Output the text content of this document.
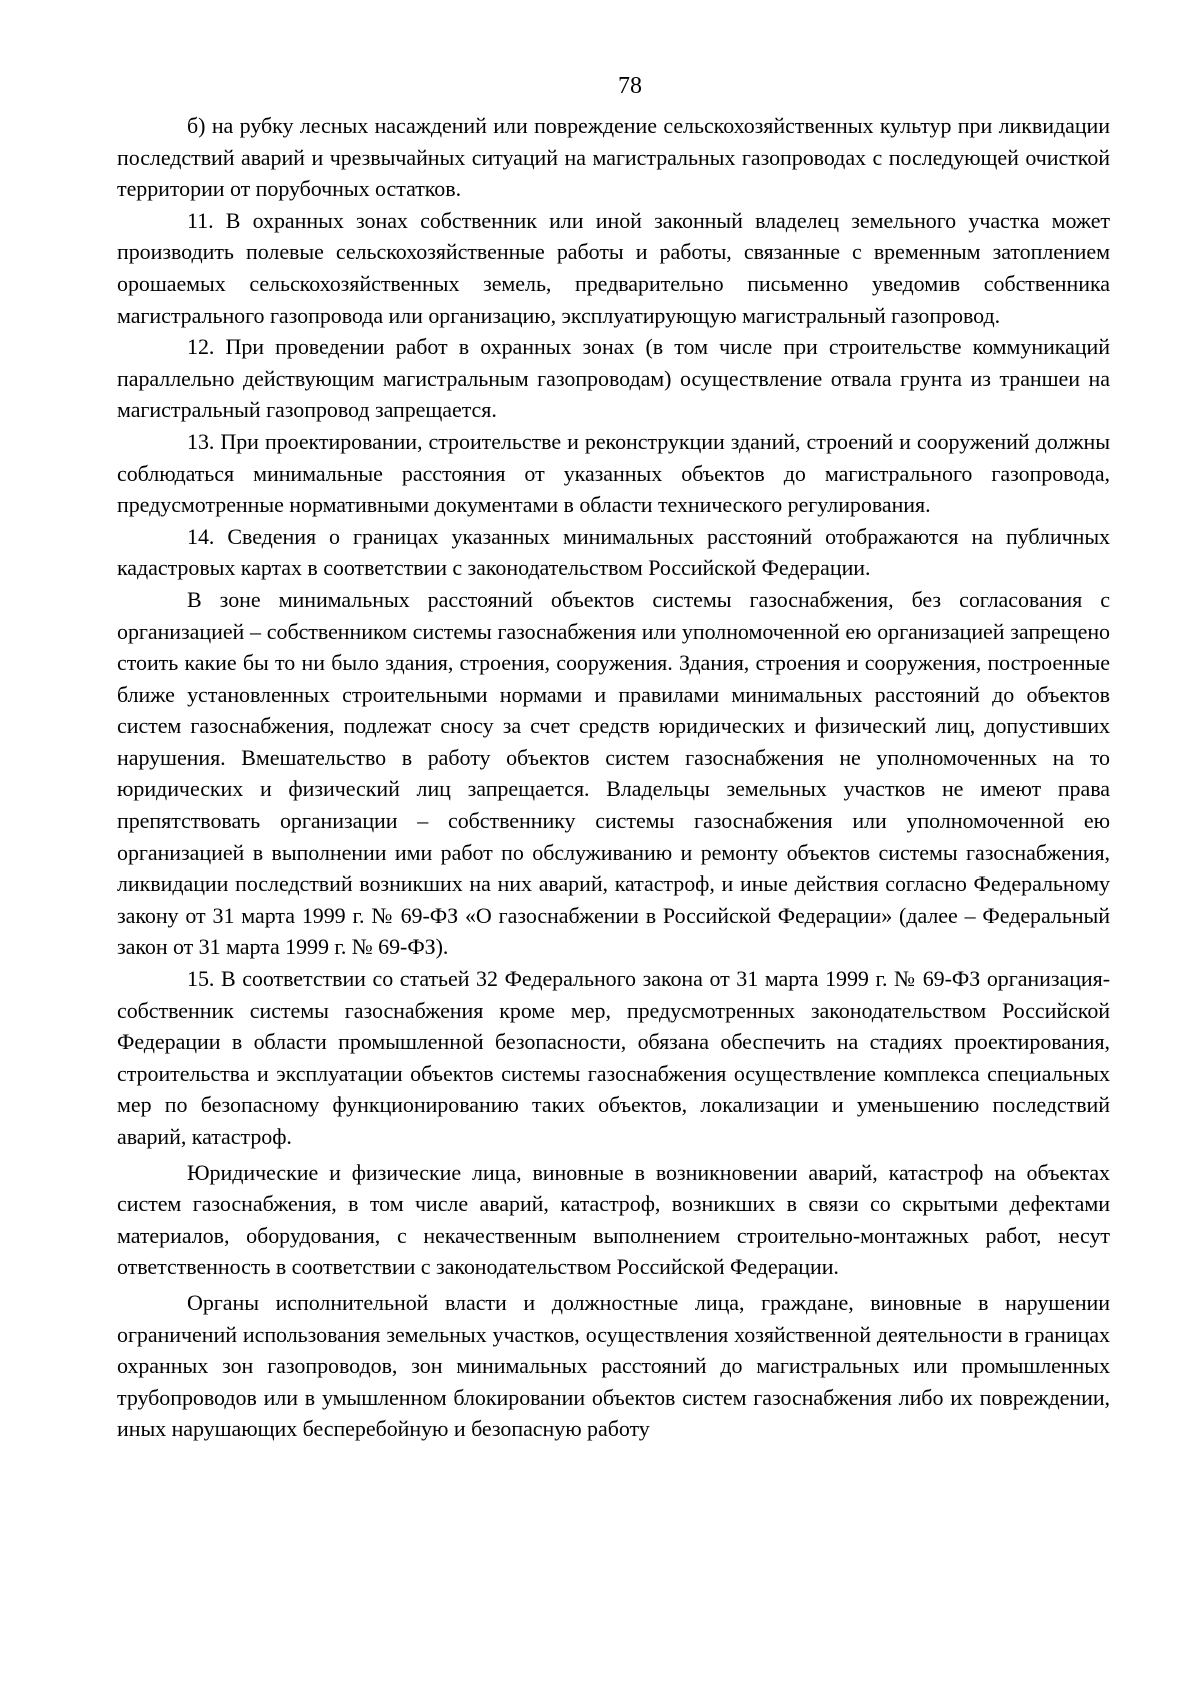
78

б) на рубку лесных насаждений или повреждение сельскохозяйственных культур при ликвидации последствий аварий и чрезвычайных ситуаций на магистральных газопроводах с последующей очисткой территории от порубочных остатков.

11. В охранных зонах собственник или иной законный владелец земельного участка может производить полевые сельскохозяйственные работы и работы, связанные с временным затоплением орошаемых сельскохозяйственных земель, предварительно письменно уведомив собственника магистрального газопровода или организацию, эксплуатирующую магистральный газопровод.

12. При проведении работ в охранных зонах (в том числе при строительстве коммуникаций параллельно действующим магистральным газопроводам) осуществление отвала грунта из траншеи на магистральный газопровод запрещается.

13. При проектировании, строительстве и реконструкции зданий, строений и сооружений должны соблюдаться минимальные расстояния от указанных объектов до магистрального газопровода, предусмотренные нормативными документами в области технического регулирования.

14. Сведения о границах указанных минимальных расстояний отображаются на публичных кадастровых картах в соответствии с законодательством Российской Федерации.

В зоне минимальных расстояний объектов системы газоснабжения, без согласования с организацией – собственником системы газоснабжения или уполномоченной ею организацией запрещено стоить какие бы то ни было здания, строения, сооружения. Здания, строения и сооружения, построенные ближе установленных строительными нормами и правилами минимальных расстояний до объектов систем газоснабжения, подлежат сносу за счет средств юридических и физический лиц, допустивших нарушения. Вмешательство в работу объектов систем газоснабжения не уполномоченных на то юридических и физический лиц запрещается. Владельцы земельных участков не имеют права препятствовать организации – собственнику системы газоснабжения или уполномоченной ею организацией в выполнении ими работ по обслуживанию и ремонту объектов системы газоснабжения, ликвидации последствий возникших на них аварий, катастроф, и иные действия согласно Федеральному закону от 31 марта 1999 г. № 69-ФЗ «О газоснабжении в Российской Федерации» (далее – Федеральный закон от 31 марта 1999 г. № 69-ФЗ).

15. В соответствии со статьей 32 Федерального закона от 31 марта 1999 г. № 69-ФЗ организация-собственник системы газоснабжения кроме мер, предусмотренных законодательством Российской Федерации в области промышленной безопасности, обязана обеспечить на стадиях проектирования, строительства и эксплуатации объектов системы газоснабжения осуществление комплекса специальных мер по безопасному функционированию таких объектов, локализации и уменьшению последствий аварий, катастроф.

Юридические и физические лица, виновные в возникновении аварий, катастроф на объектах систем газоснабжения, в том числе аварий, катастроф, возникших в связи со скрытыми дефектами материалов, оборудования, с некачественным выполнением строительно-монтажных работ, несут ответственность в соответствии с законодательством Российской Федерации.

Органы исполнительной власти и должностные лица, граждане, виновные в нарушении ограничений использования земельных участков, осуществления хозяйственной деятельности в границах охранных зон газопроводов, зон минимальных расстояний до магистральных или промышленных трубопроводов или в умышленном блокировании объектов систем газоснабжения либо их повреждении, иных нарушающих бесперебойную и безопасную работу
